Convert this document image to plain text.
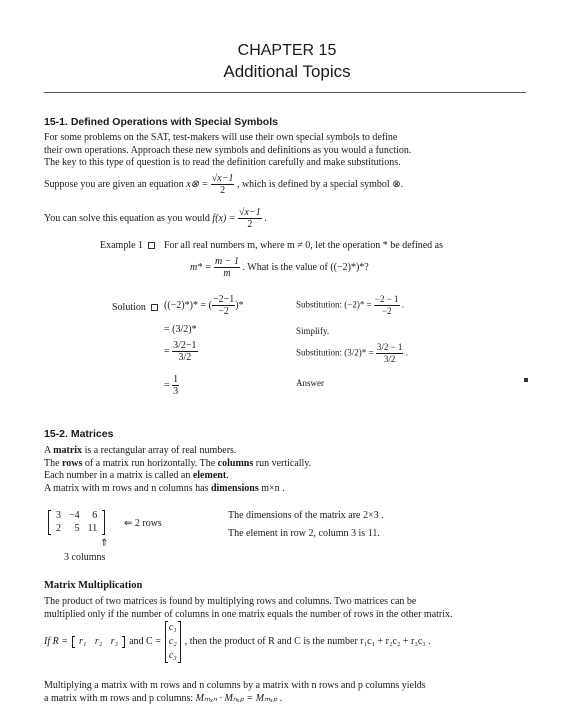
CHAPTER 15
Additional Topics
15-1. Defined Operations with Special Symbols
For some problems on the SAT, test-makers will use their own special symbols to define
their own operations. Approach these new symbols and definitions as you would a function.
The key to this type of question is to read the definition carefully and make substitutions.
Suppose you are given an equation x⊗ = $\frac{√x-1}{2}$ , which is defined by a special symbol ⊗.
You can solve this equation as you would $f(x) = \frac{√x-1}{2}$ .
Example 1	For all real numbers m, where m ≠ 0, let the operation * be defined as
$m* = \frac{m - 1}{m}$ . What is the value of ((−2)*)*?
Solution	((−2)*)* = ( $\frac{-2-1}{-2}$ )*	Substitution: $(-2)* = \frac{-2 - 1}{-2}$ .
= (3/2)*	Simplify.
= $\frac{3/2-1}{3/2}$	Substitution: $(3/2)* = \frac{3/2 - 1}{3/2}$ .
= $\frac{1}{3}$	Answer
15-2. Matrices
A matrix is a rectangular array of real numbers.
The rows of a matrix run horizontally. The columns run vertically.
Each number in a matrix is called an element.
A matrix with m rows and n columns has dimensions m×n .
3	−4	6
2	5	11	⇐ 2 rows
⇑
3 columns
The dimensions of the matrix are 2×3 .
The element in row 2, column 3 is 11.
Matrix Multiplication
The product of two matrices is found by multiplying rows and columns. Two matrices can be
multiplied only if the number of columns in one matrix equals the number of rows in the other matrix.
If R =	r₁ r₂ r₃	and C =
c₁
c₂
c₃
, then the product of R and C is the number r₁c₁ + r₂c₂ + r₃c₃ .
Multiplying a matrix with m rows and n columns by a matrix with n rows and p columns yields
a matrix with m rows and p columns: Mₘₓₙ · Mₙₓₚ = Mₘₓₚ .
